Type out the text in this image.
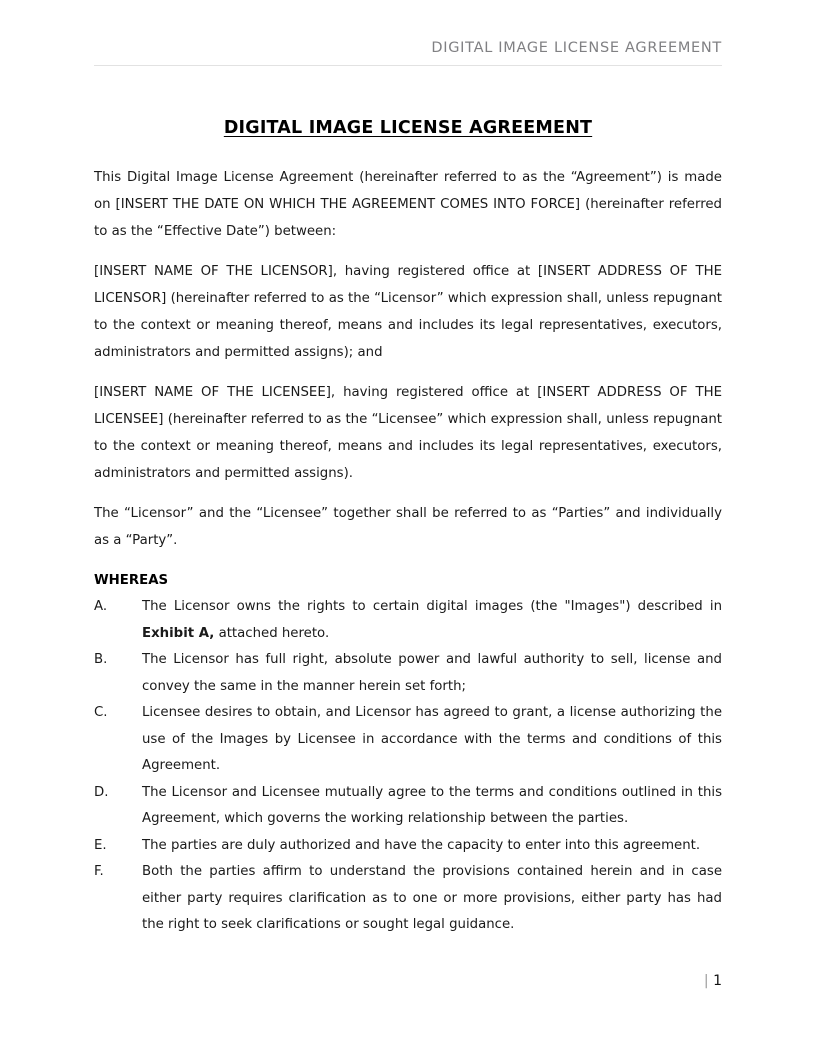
DIGITAL IMAGE LICENSE AGREEMENT
DIGITAL IMAGE LICENSE AGREEMENT

This Digital Image License Agreement (hereinafter referred to as the “Agreement”) is made on [INSERT THE DATE ON WHICH THE AGREEMENT COMES INTO FORCE] (hereinafter referred to as the “Effective Date”) between:

[INSERT NAME OF THE LICENSOR], having registered office at [INSERT ADDRESS OF THE LICENSOR] (hereinafter referred to as the “Licensor” which expression shall, unless repugnant to the context or meaning thereof, means and includes its legal representatives, executors, administrators and permitted assigns); and

[INSERT NAME OF THE LICENSEE], having registered office at [INSERT ADDRESS OF THE LICENSEE] (hereinafter referred to as the “Licensee” which expression shall, unless repugnant to the context or meaning thereof, means and includes its legal representatives, executors, administrators and permitted assigns).

The “Licensor” and the “Licensee” together shall be referred to as “Parties” and individually as a “Party”.

WHEREAS
A.	The Licensor owns the rights to certain digital images (the "Images") described in Exhibit A, attached hereto.
B.	The Licensor has full right, absolute power and lawful authority to sell, license and convey the same in the manner herein set forth;
C.	Licensee desires to obtain, and Licensor has agreed to grant, a license authorizing the use of the Images by Licensee in accordance with the terms and conditions of this Agreement.
D.	The Licensor and Licensee mutually agree to the terms and conditions outlined in this Agreement, which governs the working relationship between the parties.
E.	The parties are duly authorized and have the capacity to enter into this agreement.
F.	Both the parties affirm to understand the provisions contained herein and in case either party requires clarification as to one or more provisions, either party has had the right to seek clarifications or sought legal guidance.
| 1
